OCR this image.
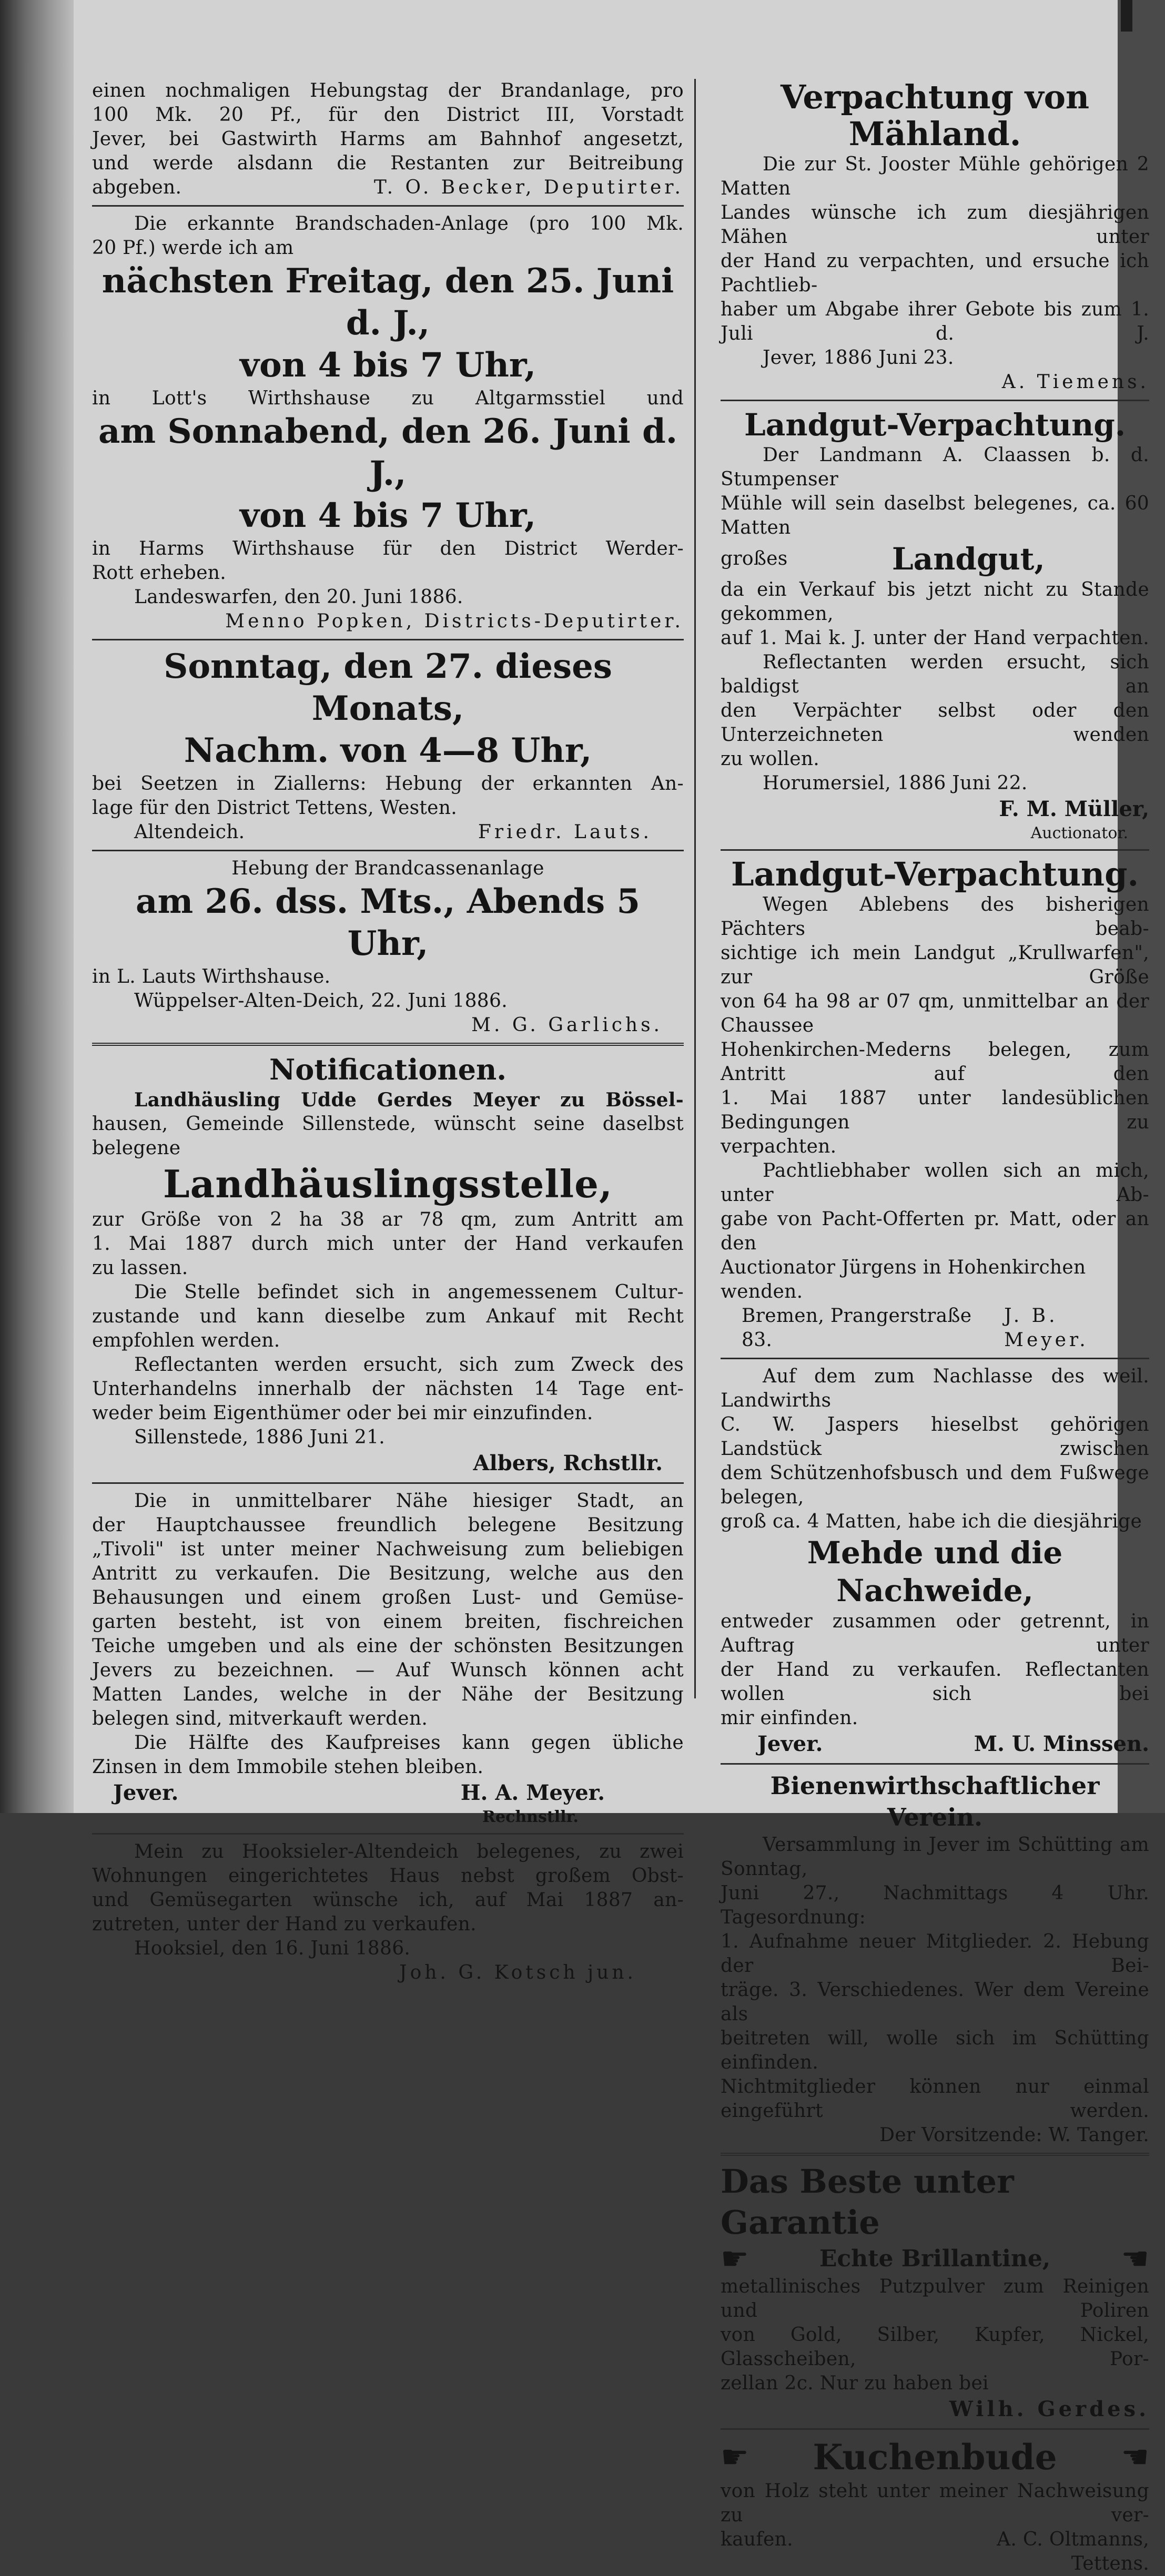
einen nochmaligen Hebungstag der Brandanlage, pro

100 Mk. 20 Pf., für den District III, Vorstadt

Jever, bei Gastwirth Harms am Bahnhof angesetzt,

und werde alsdann die Restanten zur Beitreibung

abgeben.	T. O. Becker, Deputirter.

Die erkannte Brandschaden-Anlage (pro 100 Mk.

20 Pf.) werde ich am

nächsten Freitag, den 25. Juni d. J.,

von 4 bis 7 Uhr,

in Lott's Wirthshause zu Altgarmsstiel und

am Sonnabend, den 26. Juni d. J.,

von 4 bis 7 Uhr,

in Harms Wirthshause für den District Werder-

Rott erheben.

Landeswarfen, den 20. Juni 1886.

Menno Popken, Districts-Deputirter.

Sonntag, den 27. dieses Monats,

Nachm. von 4—8 Uhr,

bei Seetzen in Ziallerns: Hebung der erkannten An-

lage für den District Tettens, Westen.

Altendeich.	Friedr. Lauts.

Hebung der Brandcassenanlage

am 26. dss. Mts., Abends 5 Uhr,

in L. Lauts Wirthshause.

Wüppelser-Alten-Deich, 22. Juni 1886.

M. G. Garlichs.

Notificationen.

Landhäusling Udde Gerdes Meyer zu Bössel-

hausen, Gemeinde Sillenstede, wünscht seine daselbst

belegene

Landhäuslingsstelle,

zur Größe von 2 ha 38 ar 78 qm, zum Antritt am

1. Mai 1887 durch mich unter der Hand verkaufen

zu lassen.

Die Stelle befindet sich in angemessenem Cultur-

zustande und kann dieselbe zum Ankauf mit Recht

empfohlen werden.

Reflectanten werden ersucht, sich zum Zweck des

Unterhandelns innerhalb der nächsten 14 Tage ent-

weder beim Eigenthümer oder bei mir einzufinden.

Sillenstede, 1886 Juni 21.

Albers, Rchstllr.

Die in unmittelbarer Nähe hiesiger Stadt, an

der Hauptchaussee freundlich belegene Besitzung

„Tivoli" ist unter meiner Nachweisung zum beliebigen

Antritt zu verkaufen. Die Besitzung, welche aus den

Behausungen und einem großen Lust- und Gemüse-

garten besteht, ist von einem breiten, fischreichen

Teiche umgeben und als eine der schönsten Besitzungen

Jevers zu bezeichnen. — Auf Wunsch können acht

Matten Landes, welche in der Nähe der Besitzung

belegen sind, mitverkauft werden.

Die Hälfte des Kaufpreises kann gegen übliche

Zinsen in dem Immobile stehen bleiben.

Jever.	H. A. Meyer.

Rechnstllr.

Mein zu Hooksieler-Altendeich belegenes, zu zwei

Wohnungen eingerichtetes Haus nebst großem Obst-

und Gemüsegarten wünsche ich, auf Mai 1887 an-

zutreten, unter der Hand zu verkaufen.

Hooksiel, den 16. Juni 1886.

Joh. G. Kotsch jun.

Verpachtung von Mähland.

Die zur St. Jooster Mühle gehörigen 2 Matten

Landes wünsche ich zum diesjährigen Mähen unter

der Hand zu verpachten, und ersuche ich Pachtlieb-

haber um Abgabe ihrer Gebote bis zum 1. Juli d. J.

Jever, 1886 Juni 23.

A. Tiemens.

Landgut-Verpachtung.

Der Landmann A. Claassen b. d. Stumpenser

Mühle will sein daselbst belegenes, ca. 60 Matten

großes	Landgut,

da ein Verkauf bis jetzt nicht zu Stande gekommen,

auf 1. Mai k. J. unter der Hand verpachten.

Reflectanten werden ersucht, sich baldigst an

den Verpächter selbst oder den Unterzeichneten wenden

zu wollen.

Horumersiel, 1886 Juni 22.

F. M. Müller,

Auctionator.

Landgut-Verpachtung.

Wegen Ablebens des bisherigen Pächters beab-

sichtige ich mein Landgut „Krullwarfen", zur Größe

von 64 ha 98 ar 07 qm, unmittelbar an der Chaussee

Hohenkirchen-Mederns belegen, zum Antritt auf den

1. Mai 1887 unter landesüblichen Bedingungen zu

verpachten.

Pachtliebhaber wollen sich an mich, unter Ab-

gabe von Pacht-Offerten pr. Matt, oder an den

Auctionator Jürgens in Hohenkirchen wenden.

Bremen, Prangerstraße 83.
J. B. Meyer.

Auf dem zum Nachlasse des weil. Landwirths

C. W. Jaspers hieselbst gehörigen Landstück zwischen

dem Schützenhofsbusch und dem Fußwege belegen,

groß ca. 4 Matten, habe ich die diesjährige

Mehde und die Nachweide,

entweder zusammen oder getrennt, in Auftrag unter

der Hand zu verkaufen. Reflectanten wollen sich bei

mir einfinden.

Jever.	M. U. Minssen.

Bienenwirthschaftlicher Verein.

Versammlung in Jever im Schütting am Sonntag,

Juni 27., Nachmittags 4 Uhr. Tagesordnung:

1. Aufnahme neuer Mitglieder. 2. Hebung der Bei-

träge. 3. Verschiedenes. Wer dem Vereine als

beitreten will, wolle sich im Schütting einfinden.

Nichtmitglieder können nur einmal eingeführt werden.

Der Vorsitzende: W. Tanger.

Das Beste unter Garantie

☛	Echte Brillantine, ☚

metallinisches Putzpulver zum Reinigen und Poliren

von Gold, Silber, Kupfer, Nickel, Glasscheiben, Por-

zellan 2c. Nur zu haben bei

Wilh. Gerdes.

☛ Kuchenbude ☚

von Holz steht unter meiner Nachweisung zu ver-

kaufen.	A. C. Oltmanns,

Tettens.
